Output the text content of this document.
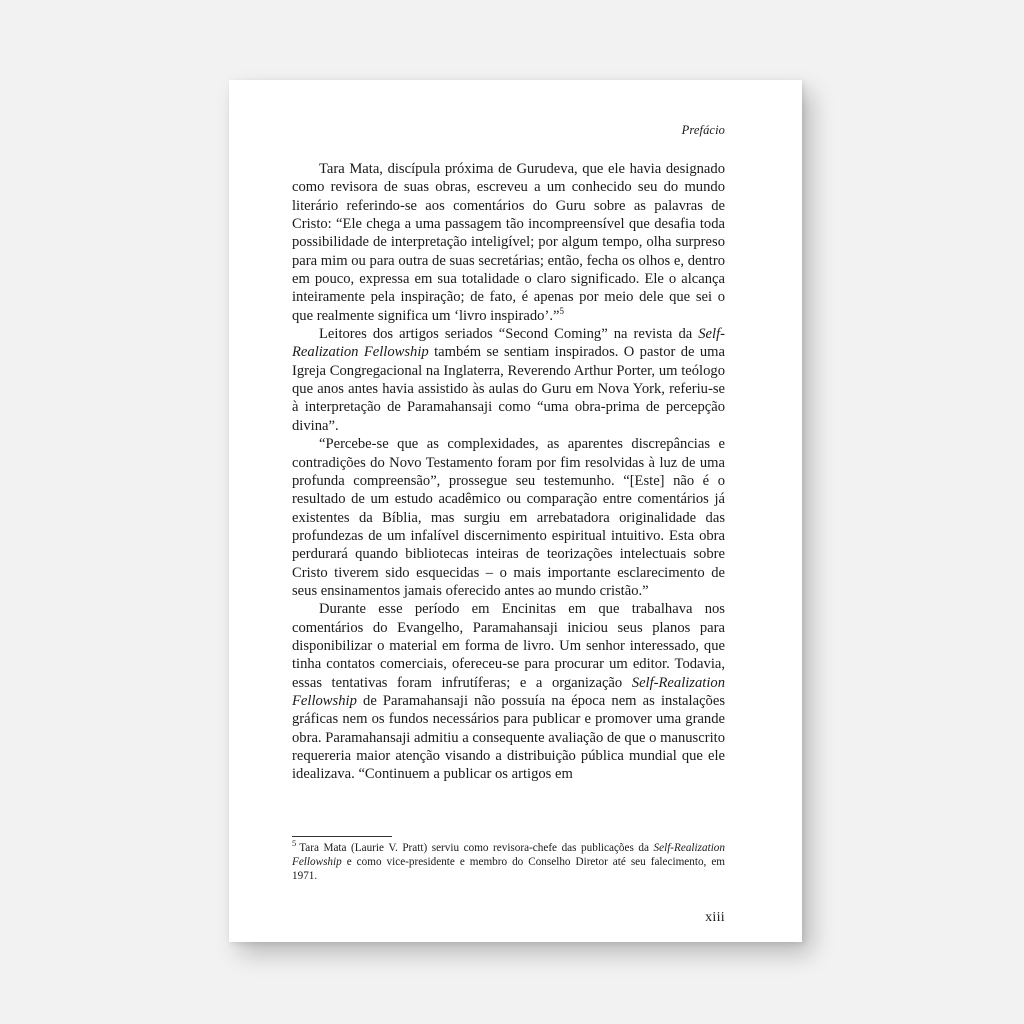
Prefácio

Tara Mata, discípula próxima de Gurudeva, que ele havia designado como revisora de suas obras, escreveu a um conhecido seu do mundo literário referindo-se aos comentários do Guru sobre as palavras de Cristo: “Ele chega a uma passagem tão incompreensível que desafia toda possibilidade de interpretação inteligível; por algum tempo, olha surpreso para mim ou para outra de suas secretárias; então, fecha os olhos e, dentro em pouco, expressa em sua totalidade o claro significado. Ele o alcança inteiramente pela inspiração; de fato, é apenas por meio dele que sei o que realmente significa um ‘livro inspirado’.”$^5$

Leitores dos artigos seriados “Second Coming” na revista da Self-Realization Fellowship também se sentiam inspirados. O pastor de uma Igreja Congregacional na Inglaterra, Reverendo Arthur Porter, um teólogo que anos antes havia assistido às aulas do Guru em Nova York, referiu-se à interpretação de Paramahansaji como “uma obra-prima de percepção divina”.

“Percebe-se que as complexidades, as aparentes discrepâncias e contradições do Novo Testamento foram por fim resolvidas à luz de uma profunda compreensão”, prossegue seu testemunho. “[Este] não é o resultado de um estudo acadêmico ou comparação entre comentários já existentes da Bíblia, mas surgiu em arrebatadora originalidade das profundezas de um infalível discernimento espiritual intuitivo. Esta obra perdurará quando bibliotecas inteiras de teorizações intelectuais sobre Cristo tiverem sido esquecidas – o mais importante esclarecimento de seus ensinamentos jamais oferecido antes ao mundo cristão.”

Durante esse período em Encinitas em que trabalhava nos comentários do Evangelho, Paramahansaji iniciou seus planos para disponibilizar o material em forma de livro. Um senhor interessado, que tinha contatos comerciais, ofereceu-se para procurar um editor. Todavia, essas tentativas foram infrutíferas; e a organização Self-Realization Fellowship de Paramahansaji não possuía na época nem as instalações gráficas nem os fundos necessários para publicar e promover uma grande obra. Paramahansaji admitiu a consequente avaliação de que o manuscrito requereria maior atenção visando a distribuição pública mundial que ele idealizava. “Continuem a publicar os artigos em

$^5$ Tara Mata (Laurie V. Pratt) serviu como revisora-chefe das publicações da Self-Realization Fellowship e como vice-presidente e membro do Conselho Diretor até seu falecimento, em 1971.
xiii
